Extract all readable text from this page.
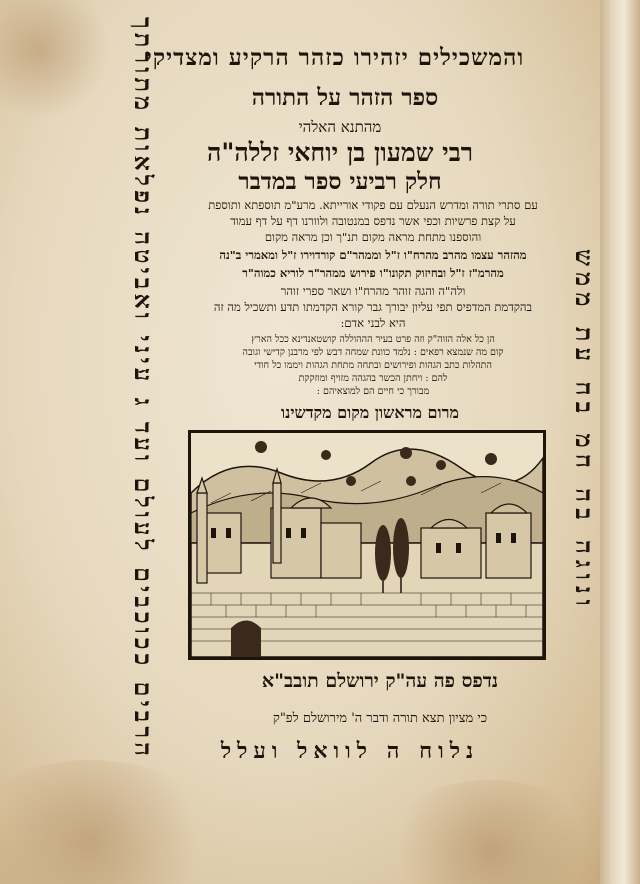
והמשכילים יזהירו כזהר הרקיע ומצדיקי
ספר הזהר על התורה
מהתנא האלהי
רבי שמעון בן יוחאי זללה"ה
חלק רביעי ספר במדבר
עם סתרי תורה ומדרש הנעלם עם פקודי אורייתא. מרע"מ תוספתא ותוספת
על קצת פרשיות וכפי אשר נדפס במנטובה ולוורנו דף על דף עמוד
והוספנו מתחת מראה מקום תנ"ך וכן מראה מקום
מהזהר עצמו מהרב מהרח"ו ז"ל וממהר"ם קורדוירו ז"ל ומאמרי ב"נה
מהרמ"ז ז"ל ובחיזוק תקונו"ו פירוש ממהר"ר לוריא כמוה"ר
ולה"ה והגה זוהר מהרח"ו ושאר ספרי זוהר
בהקדמת המדפיס תפי עליון יבורך גבר קורא הקדמתו תדע ותשכיל מה זה
היא לבני אדם:
הן כל אלה הזוה"ק וזה פרט בעיר הההוללה קושטאנדינא ככל הארץ
קום מה שנמצא רפאים : נלמד כוונת שמחה דבש לפי מרבנן קדישי וגובה
התהלות כתב הגהות ופירושים ובתחה מתחת הגהות ויממו כל חודי
להם : ויחתן הכשר בהגהה מזויף ומוזקקת
מבורך כי חיים הם למוצאיהם :
מרום מראשון מקום מקדשינו
נדפס פה עה"ק ירושלם תובב"א
כי מציון תצא תורה ודבר ה' מירושלם לפ"ק
נלוח ה לוואל ועלל
הרבים ככוכבים לעולם ועד ג עיני ואביטה נפלאות מתורתך	ונוגה בה חמ בח עת ממש
